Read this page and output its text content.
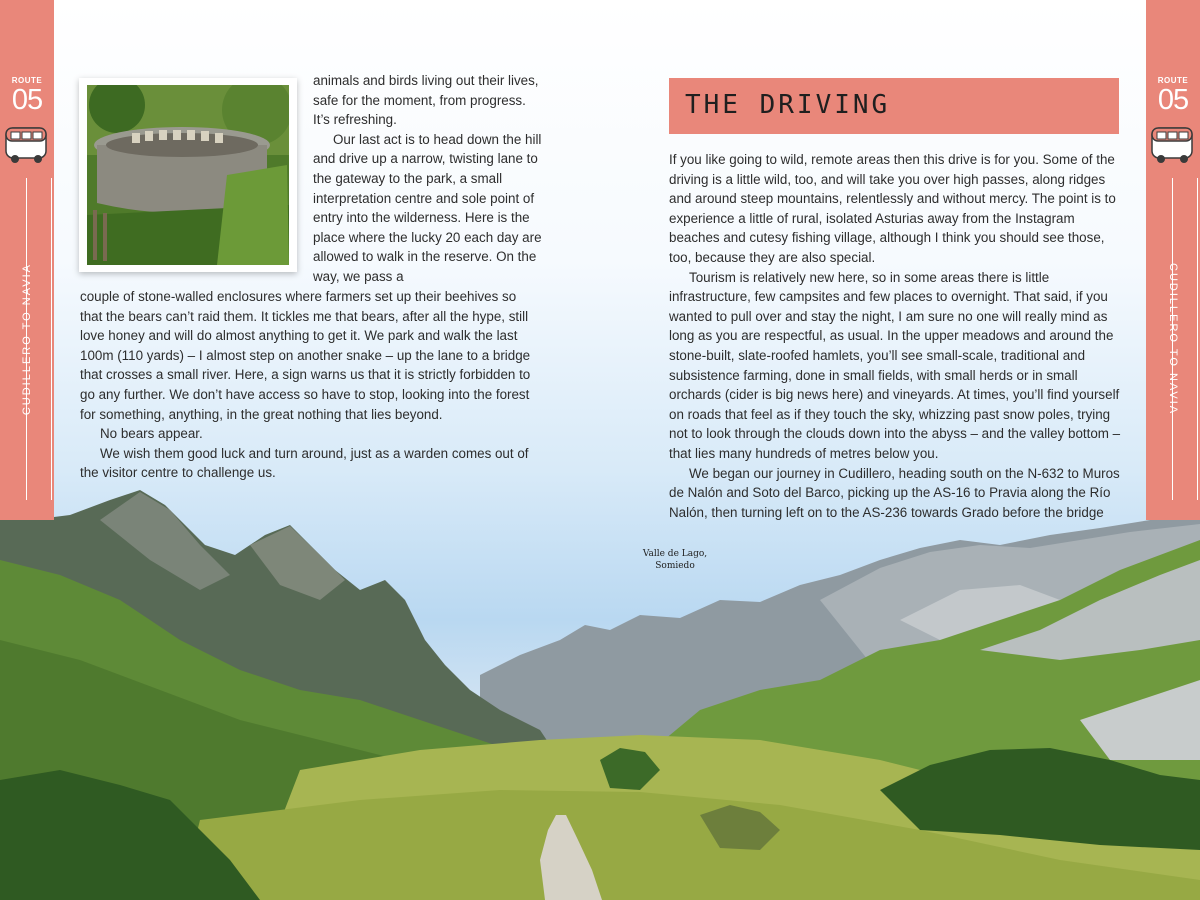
ROUTE
05
CUDILLERO TO NAVIA
ROUTE
05
CUDILLERO TO NAVIA

animals and birds living out their lives, safe for the moment, from progress. It’s refreshing.

Our last act is to head down the hill and drive up a narrow, twisting lane to the gateway to the park, a small interpretation centre and sole point of entry into the wilderness. Here is the place where the lucky 20 each day are allowed to walk in the reserve. On the way, we pass a

couple of stone-walled enclosures where farmers set up their beehives so that the bears can’t raid them. It tickles me that bears, after all the hype, still love honey and will do almost anything to get it. We park and walk the last 100m (110 yards) – I almost step on another snake – up the lane to a bridge that crosses a small river. Here, a sign warns us that it is strictly forbidden to go any further. We don’t have access so have to stop, looking into the forest for something, anything, in the great nothing that lies beyond.

No bears appear.

We wish them good luck and turn around, just as a warden comes out of the visitor centre to challenge us.

THE DRIVING

If you like going to wild, remote areas then this drive is for you. Some of the driving is a little wild, too, and will take you over high passes, along ridges and around steep mountains, relentlessly and without mercy. The point is to experience a little of rural, isolated Asturias away from the Instagram beaches and cutesy fishing village, although I think you should see those, too, because they are also special.

Tourism is relatively new here, so in some areas there is little infrastructure, few campsites and few places to overnight. That said, if you wanted to pull over and stay the night, I am sure no one will really mind as long as you are respectful, as usual. In the upper meadows and around the stone-built, slate-roofed hamlets, you’ll see small-scale, traditional and subsistence farming, done in small fields, with small herds or in small orchards (cider is big news here) and vineyards. At times, you’ll find yourself on roads that feel as if they touch the sky, whizzing past snow poles, trying not to look through the clouds down into the abyss – and the valley bottom – that lies many hundreds of metres below you.

We began our journey in Cudillero, heading south on the N-632 to Muros de Nalón and Soto del Barco, picking up the AS-16 to Pravia along the Río Nalón, then turning left on to the AS-236 towards Grado before the bridge

Valle de Lago,
Somiedo
